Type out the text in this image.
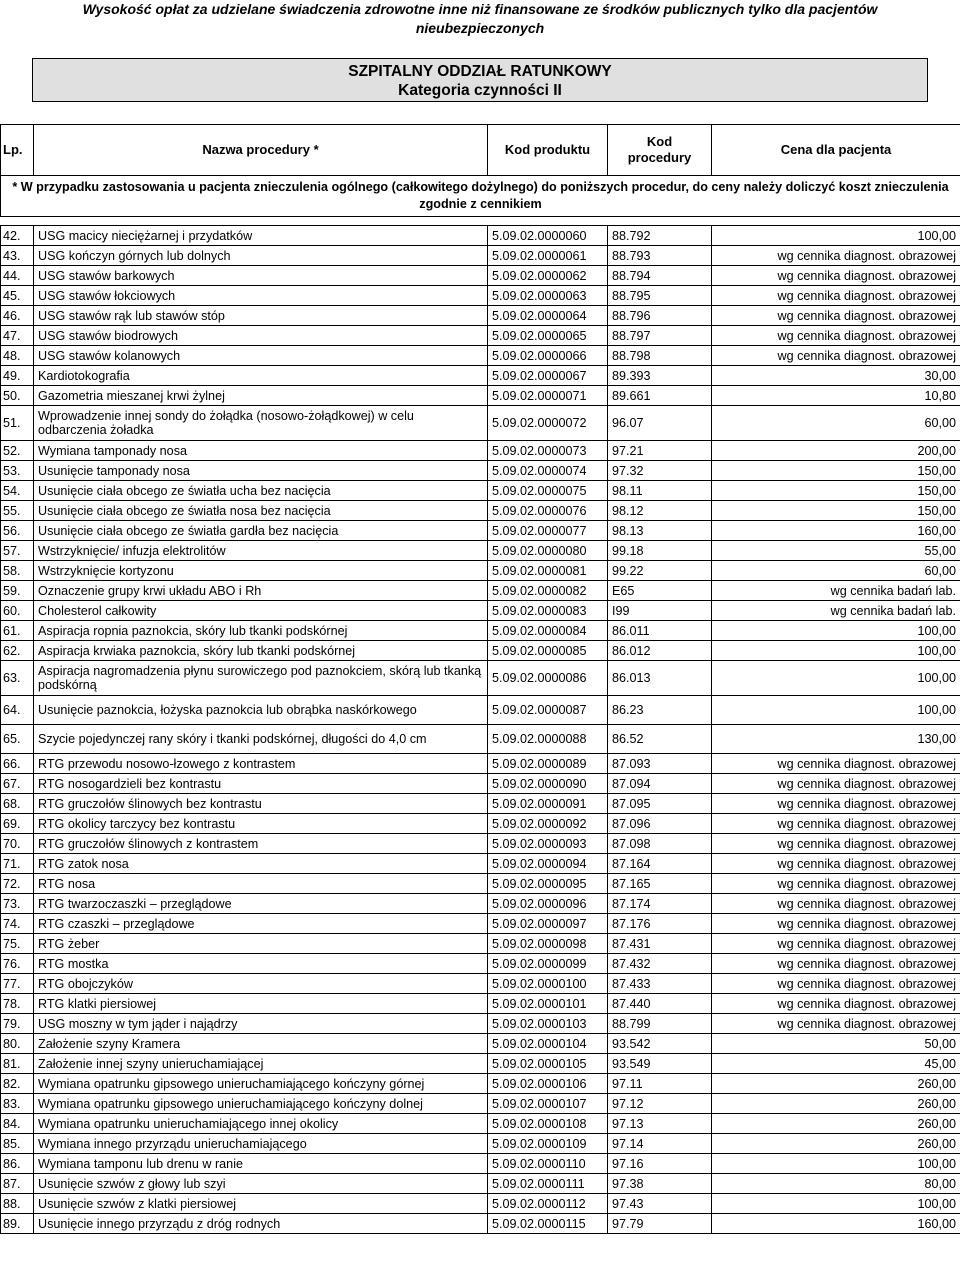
Wysokość opłat za udzielane świadczenia zdrowotne inne niż finansowane ze środków publicznych tylko dla pacjentów
nieubezpieczonych
SZPITALNY ODDZIAŁ RATUNKOWY
Kategoria czynności II
Lp.	Nazwa procedury *	Kod produktu	Kod
procedury	Cena dla pacjenta
* W przypadku zastosowania u pacjenta znieczulenia ogólnego (całkowitego dożylnego) do poniższych procedur, do ceny należy doliczyć koszt znieczulenia zgodnie z cennikiem				

42.	USG macicy nieciężarnej i przydatków	5.09.02.0000060	88.792	100,00
43.	USG kończyn górnych lub dolnych	5.09.02.0000061	88.793	wg cennika diagnost. obrazowej
44.	USG stawów barkowych	5.09.02.0000062	88.794	wg cennika diagnost. obrazowej
45.	USG stawów łokciowych	5.09.02.0000063	88.795	wg cennika diagnost. obrazowej
46.	USG stawów rąk lub stawów stóp	5.09.02.0000064	88.796	wg cennika diagnost. obrazowej
47.	USG stawów biodrowych	5.09.02.0000065	88.797	wg cennika diagnost. obrazowej
48.	USG stawów kolanowych	5.09.02.0000066	88.798	wg cennika diagnost. obrazowej
49.	Kardiotokografia	5.09.02.0000067	89.393	30,00
50.	Gazometria mieszanej krwi żylnej	5.09.02.0000071	89.661	10,80
51.	Wprowadzenie innej sondy do żołądka (nosowo-żołądkowej) w celu odbarczenia żoładka	5.09.02.0000072	96.07	60,00
52.	Wymiana tamponady nosa	5.09.02.0000073	97.21	200,00
53.	Usunięcie tamponady nosa	5.09.02.0000074	97.32	150,00
54.	Usunięcie ciała obcego ze światła ucha bez nacięcia	5.09.02.0000075	98.11	150,00
55.	Usunięcie ciała obcego ze światła nosa bez nacięcia	5.09.02.0000076	98.12	150,00
56.	Usunięcie ciała obcego ze światła gardła bez nacięcia	5.09.02.0000077	98.13	160,00
57.	Wstrzyknięcie/ infuzja elektrolitów	5.09.02.0000080	99.18	55,00
58.	Wstrzyknięcie kortyzonu	5.09.02.0000081	99.22	60,00
59.	Oznaczenie grupy krwi układu ABO i Rh	5.09.02.0000082	E65	wg cennika badań lab.
60.	Cholesterol całkowity	5.09.02.0000083	I99	wg cennika badań lab.
61.	Aspiracja ropnia paznokcia, skóry lub tkanki podskórnej	5.09.02.0000084	86.011	100,00
62.	Aspiracja krwiaka paznokcia, skóry lub tkanki podskórnej	5.09.02.0000085	86.012	100,00
63.	Aspiracja nagromadzenia płynu surowiczego pod paznokciem, skórą lub tkanką podskórną	5.09.02.0000086	86.013	100,00
64.	Usunięcie paznokcia, łożyska paznokcia lub obrąbka naskórkowego	5.09.02.0000087	86.23	100,00
65.	Szycie pojedynczej rany skóry i tkanki podskórnej, długości do 4,0 cm	5.09.02.0000088	86.52	130,00
66.	RTG przewodu nosowo-łzowego z kontrastem	5.09.02.0000089	87.093	wg cennika diagnost. obrazowej
67.	RTG nosogardzieli bez kontrastu	5.09.02.0000090	87.094	wg cennika diagnost. obrazowej
68.	RTG gruczołów ślinowych bez kontrastu	5.09.02.0000091	87.095	wg cennika diagnost. obrazowej
69.	RTG okolicy tarczycy bez kontrastu	5.09.02.0000092	87.096	wg cennika diagnost. obrazowej
70.	RTG gruczołów ślinowych z kontrastem	5.09.02.0000093	87.098	wg cennika diagnost. obrazowej
71.	RTG zatok nosa	5.09.02.0000094	87.164	wg cennika diagnost. obrazowej
72.	RTG nosa	5.09.02.0000095	87.165	wg cennika diagnost. obrazowej
73.	RTG twarzoczaszki – przeglądowe	5.09.02.0000096	87.174	wg cennika diagnost. obrazowej
74.	RTG czaszki – przeglądowe	5.09.02.0000097	87.176	wg cennika diagnost. obrazowej
75.	RTG żeber	5.09.02.0000098	87.431	wg cennika diagnost. obrazowej
76.	RTG mostka	5.09.02.0000099	87.432	wg cennika diagnost. obrazowej
77.	RTG obojczyków	5.09.02.0000100	87.433	wg cennika diagnost. obrazowej
78.	RTG klatki piersiowej	5.09.02.0000101	87.440	wg cennika diagnost. obrazowej
79.	USG moszny w tym jąder i najądrzy	5.09.02.0000103	88.799	wg cennika diagnost. obrazowej
80.	Założenie szyny Kramera	5.09.02.0000104	93.542	50,00
81.	Założenie innej szyny unieruchamiającej	5.09.02.0000105	93.549	45,00
82.	Wymiana opatrunku gipsowego unieruchamiającego kończyny górnej	5.09.02.0000106	97.11	260,00
83.	Wymiana opatrunku gipsowego unieruchamiającego kończyny dolnej	5.09.02.0000107	97.12	260,00
84.	Wymiana opatrunku unieruchamiającego innej okolicy	5.09.02.0000108	97.13	260,00
85.	Wymiana innego przyrządu unieruchamiającego	5.09.02.0000109	97.14	260,00
86.	Wymiana tamponu lub drenu w ranie	5.09.02.0000110	97.16	100,00
87.	Usunięcie szwów z głowy lub szyi	5.09.02.0000111	97.38	80,00
88.	Usunięcie szwów z klatki piersiowej	5.09.02.0000112	97.43	100,00
89.	Usunięcie innego przyrządu z dróg rodnych	5.09.02.0000115	97.79	160,00
